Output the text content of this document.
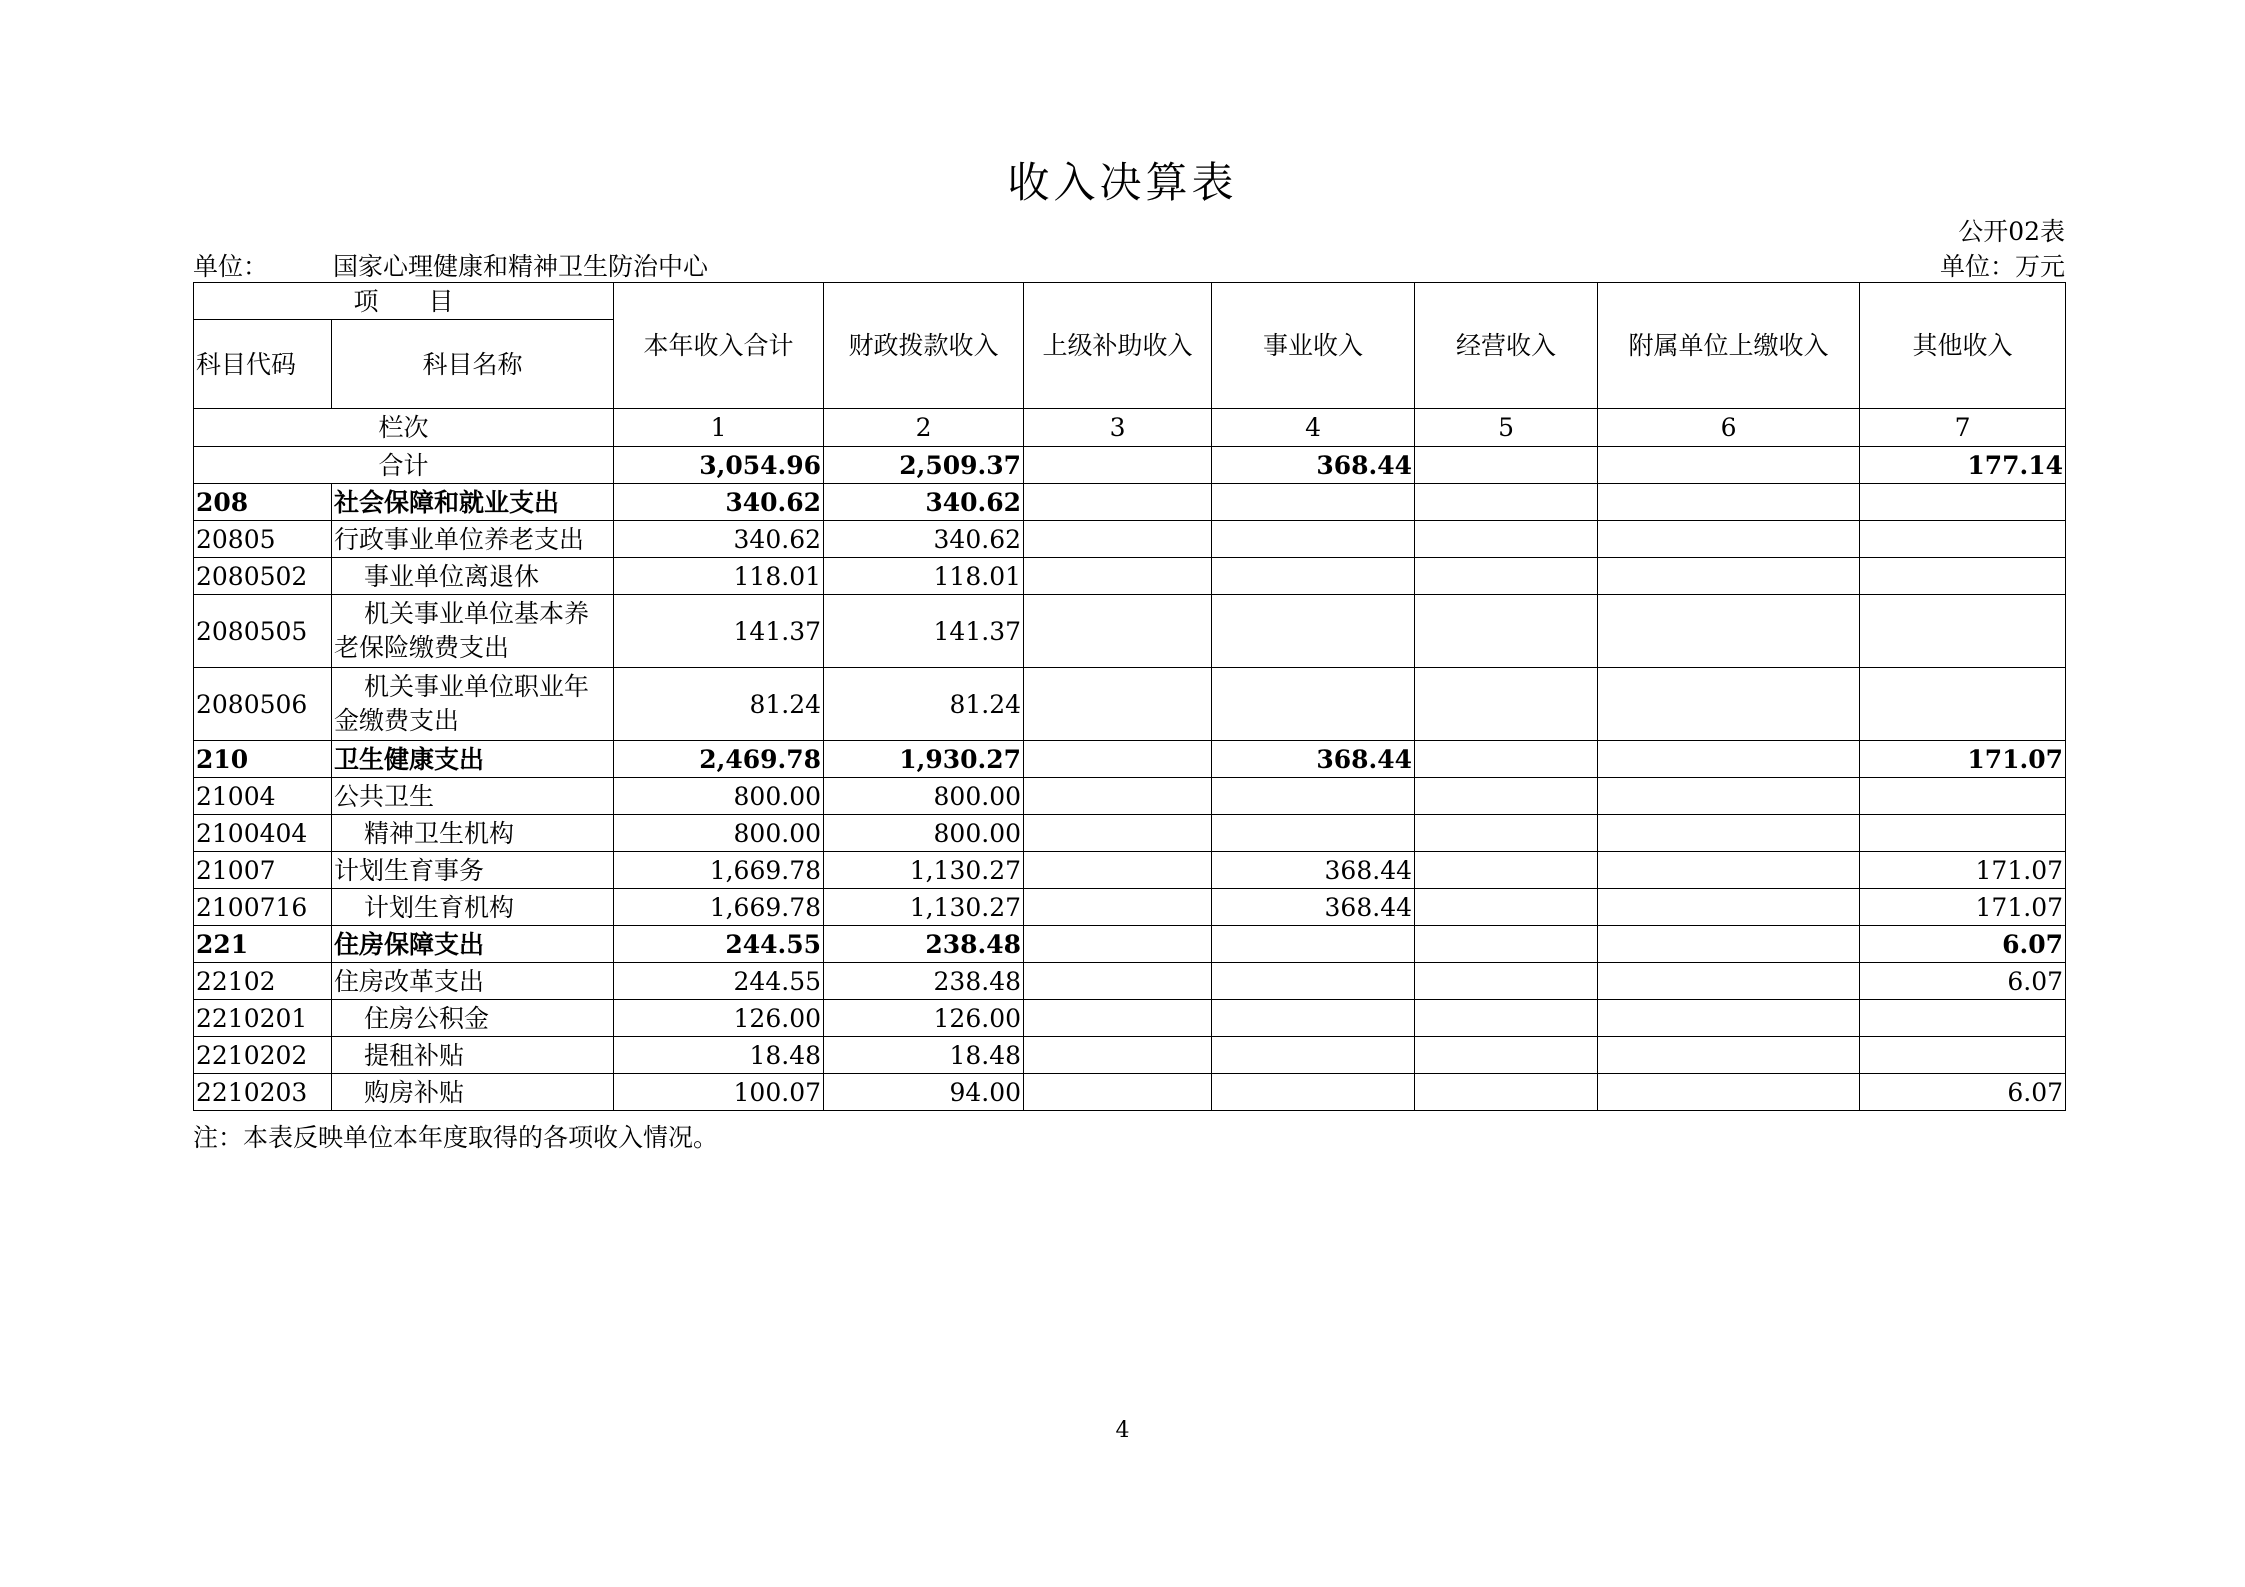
收入决算表
公开02表
单位：	国家心理健康和精神卫生防治中心	单位：万元
项　　目		本年收入合计	财政拨款收入	上级补助收入	事业收入	经营收入	附属单位上缴收入	其他收入
科目代码	科目名称							
栏次		1	2	3	4	5	6	7
合计		3,054.96	2,509.37		368.44			177.14
208	社会保障和就业支出	340.62	340.62					
20805	行政事业单位养老支出	340.62	340.62					
2080502	事业单位离退休	118.01	118.01					
2080505	机关事业单位基本养老保险缴费支出	141.37	141.37					
2080506	机关事业单位职业年金缴费支出	81.24	81.24					
210	卫生健康支出	2,469.78	1,930.27		368.44			171.07
21004	公共卫生	800.00	800.00					
2100404	精神卫生机构	800.00	800.00					
21007	计划生育事务	1,669.78	1,130.27		368.44			171.07
2100716	计划生育机构	1,669.78	1,130.27		368.44			171.07
221	住房保障支出	244.55	238.48					6.07
22102	住房改革支出	244.55	238.48					6.07
2210201	住房公积金	126.00	126.00					
2210202	提租补贴	18.48	18.48					
2210203	购房补贴	100.07	94.00					6.07
注：本表反映单位本年度取得的各项收入情况。
4
